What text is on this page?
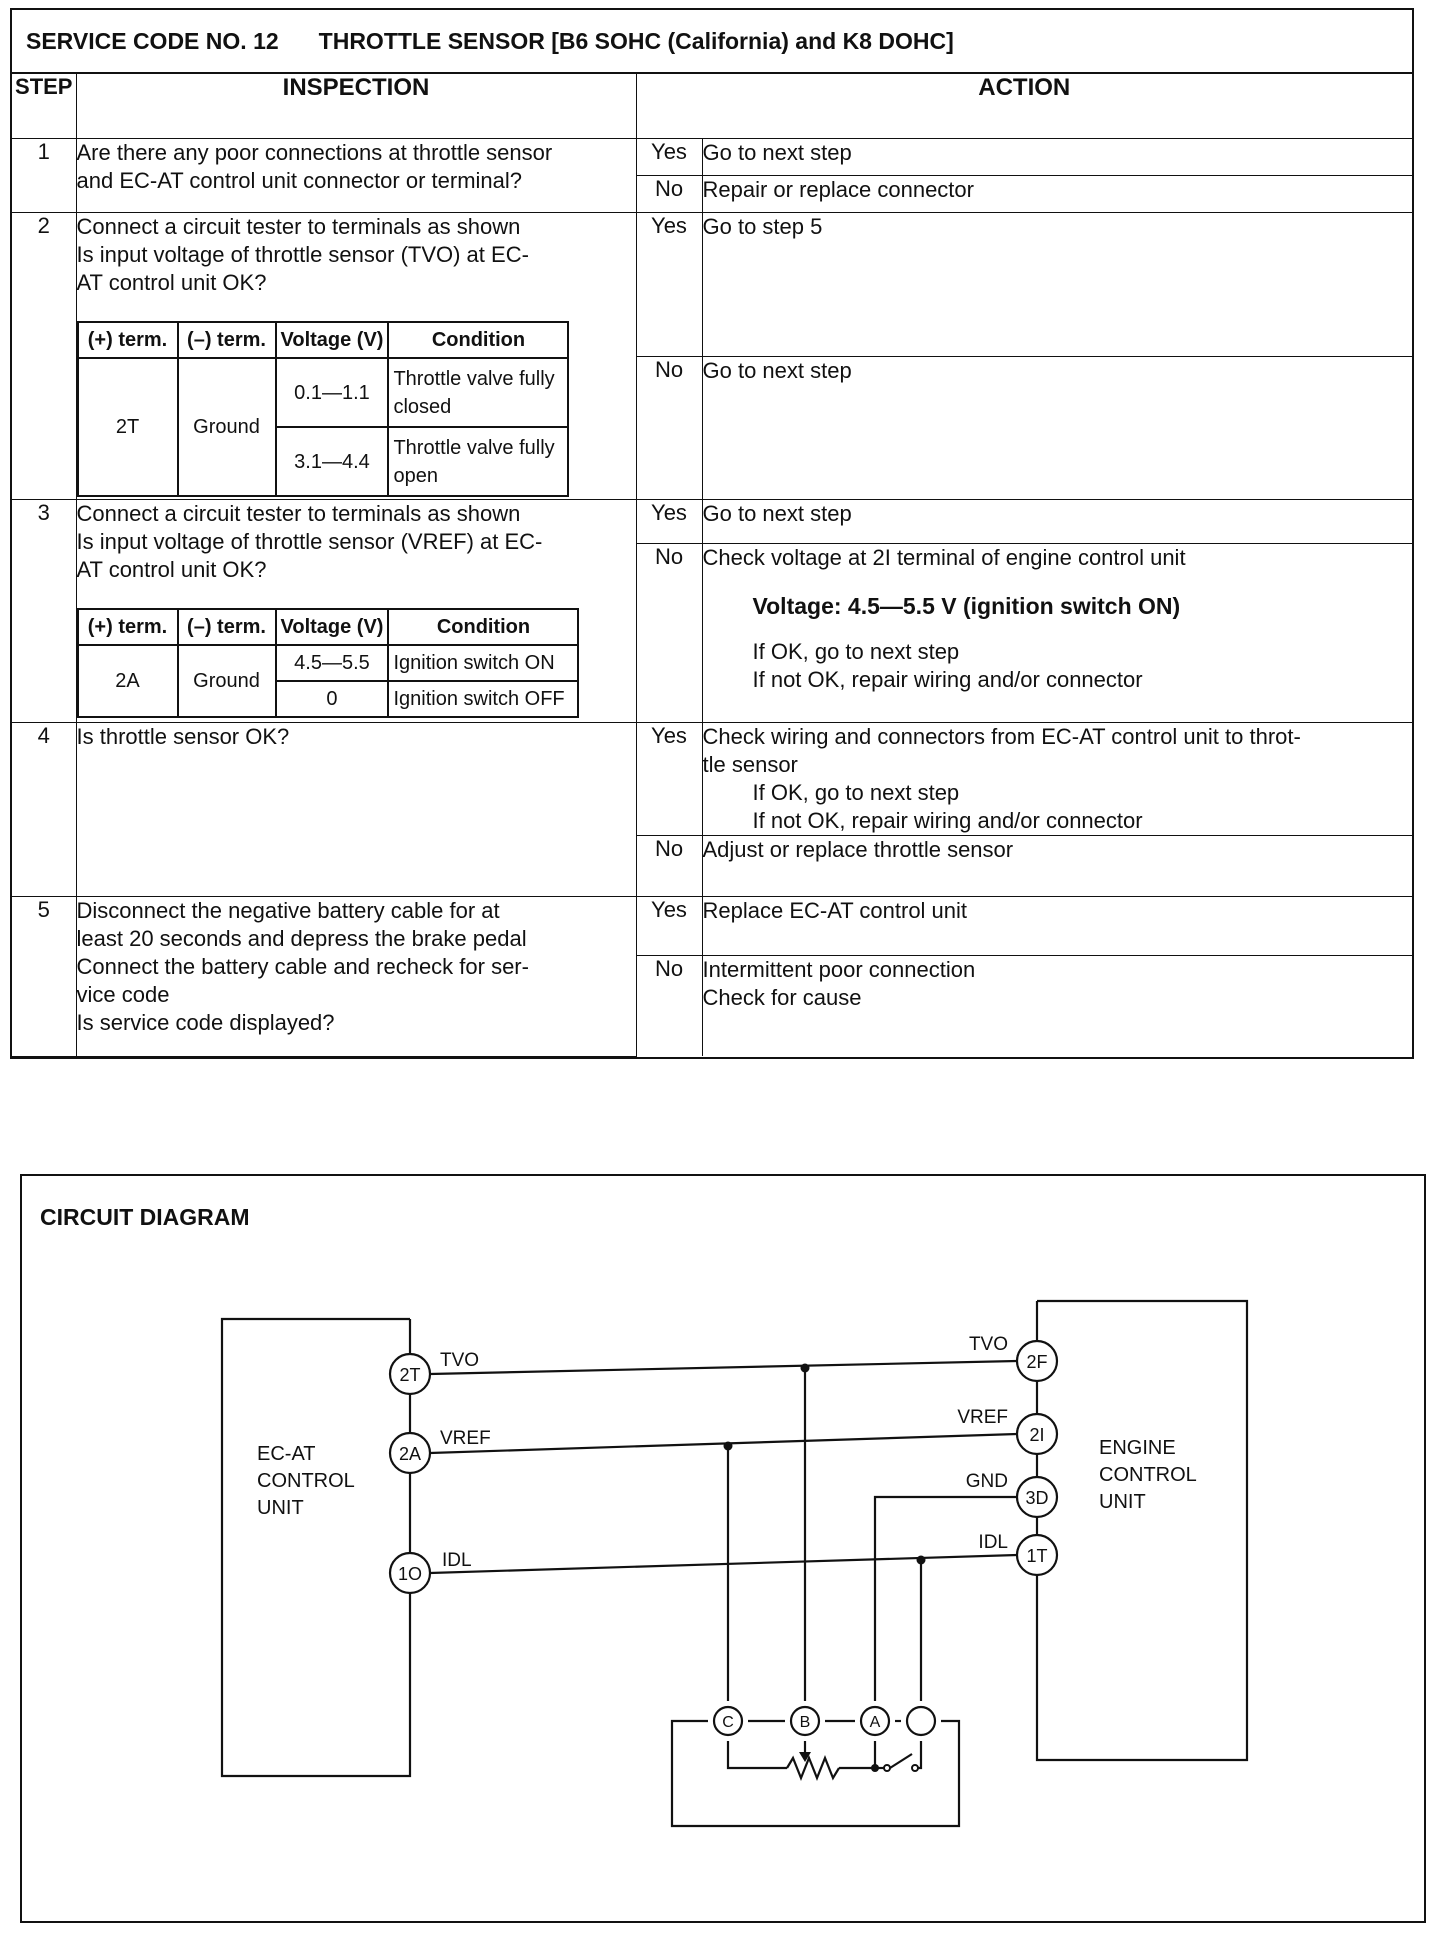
SERVICE CODE NO. 12 THROTTLE SENSOR [B6 SOHC (California) and K8 DOHC]
STEP	INSPECTION	ACTION
1	Are there any poor connections at throttle sensor
and EC-AT control unit connector or terminal?
	Yes	Go to next step
No	Repair or replace connector
2	Connect a circuit tester to terminals as shown
Is input voltage of throttle sensor (TVO) at EC-
AT control unit OK?
(+) term.	(–) term.	Voltage (V)	Condition
2T	Ground	0.1—1.1	Throttle valve fully closed
3.1—4.4	Throttle valve fully open
	Yes	Go to step 5
No	Go to next step
3	Connect a circuit tester to terminals as shown
Is input voltage of throttle sensor (VREF) at EC-
AT control unit OK?
(+) term.	(–) term.	Voltage (V)	Condition
2A	Ground	4.5—5.5	Ignition switch ON
0	Ignition switch OFF
	Yes	Go to next step
No	Check voltage at 2I terminal of engine control unit
Voltage: 4.5—5.5 V (ignition switch ON)
If OK, go to next step
If not OK, repair wiring and/or connector

4	Is throttle sensor OK?	Yes	Check wiring and connectors from EC-AT control unit to throt-
tle sensor
If OK, go to next step
If not OK, repair wiring and/or connector

No	Adjust or replace throttle sensor
5	Disconnect the negative battery cable for at
least 20 seconds and depress the brake pedal
Connect the battery cable and recheck for ser-
vice code
Is service code displayed?
	Yes	Replace EC-AT control unit
No	Intermittent poor connection
Check for cause
CIRCUIT DIAGRAM
2T
2A
1O
2F
2I
3D
1T
C	B	A
TVO
VREF
IDL
TVO
VREF
GND
IDL
EC-AT
CONTROL
UNIT
ENGINE
CONTROL
UNIT
